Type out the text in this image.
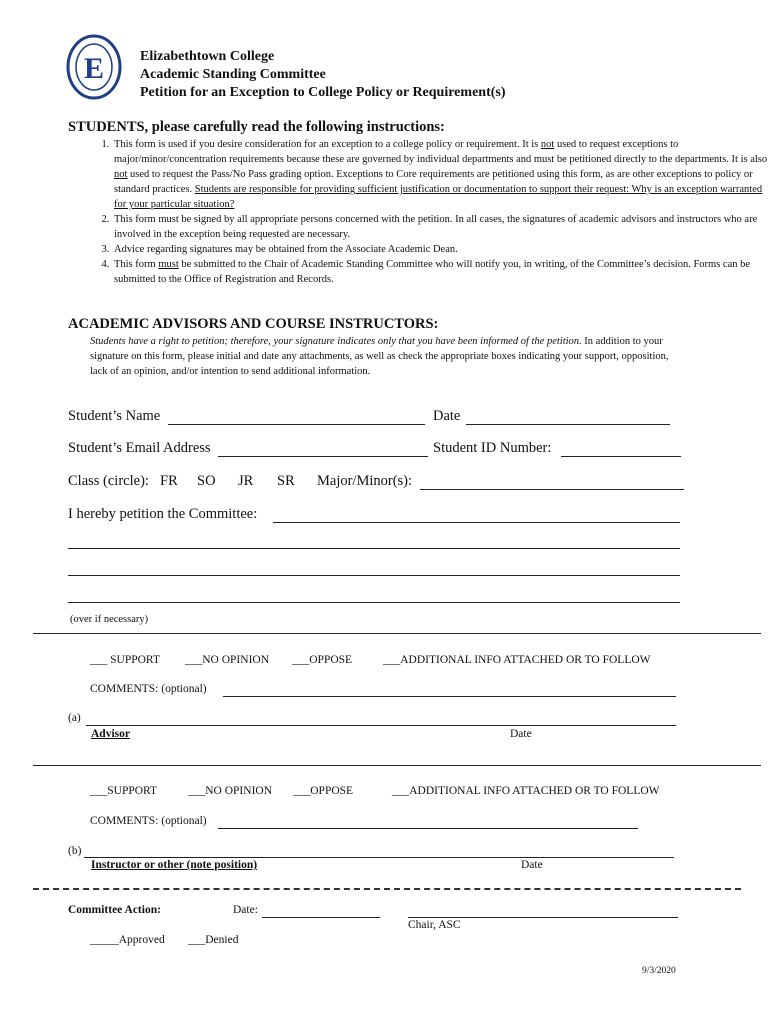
E	Elizabethtown College
Academic Standing Committee
Petition for an Exception to College Policy or Requirement(s)
STUDENTS, please carefully read the following instructions:
1. This form is used if you desire consideration for an exception to a college policy or requirement. It is not used to request exceptions to major/minor/concentration requirements because these are governed by individual departments and must be petitioned directly to the departments. It is also not used to request the Pass/No Pass grading option. Exceptions to Core requirements are petitioned using this form, as are other exceptions to policy or standard practices. Students are responsible for providing sufficient justification or documentation to support their request: Why is an exception warranted for your particular situation?
2. This form must be signed by all appropriate persons concerned with the petition. In all cases, the signatures of academic advisors and instructors who are involved in the exception being requested are necessary.
3. Advice regarding signatures may be obtained from the Associate Academic Dean.
4. This form must be submitted to the Chair of Academic Standing Committee who will notify you, in writing, of the Committee’s decision. Forms can be submitted to the Office of Registration and Records.
ACADEMIC ADVISORS AND COURSE INSTRUCTORS:
Students have a right to petition; therefore, your signature indicates only that you have been informed of the petition. In addition to your signature on this form, please initial and date any attachments, as well as check the appropriate boxes indicating your support, opposition, lack of an opinion, and/or intention to send additional information.
Student’s Name	Date
Student’s Email Address	Student ID Number:
Class (circle): FR SO JR SR Major/Minor(s):
I hereby petition the Committee:
(over if necessary)
___ SUPPORT ___NO OPINION ___OPPOSE	___ADDITIONAL INFO ATTACHED OR TO FOLLOW
COMMENTS: (optional)
(a)
Advisor	Date
___SUPPORT	___NO OPINION ___OPPOSE	___ADDITIONAL INFO ATTACHED OR TO FOLLOW
COMMENTS: (optional)
(b)
Instructor or other (note position)	Date
Committee Action:	Date:
Chair, ASC
_____Approved ___Denied
9/3/2020
